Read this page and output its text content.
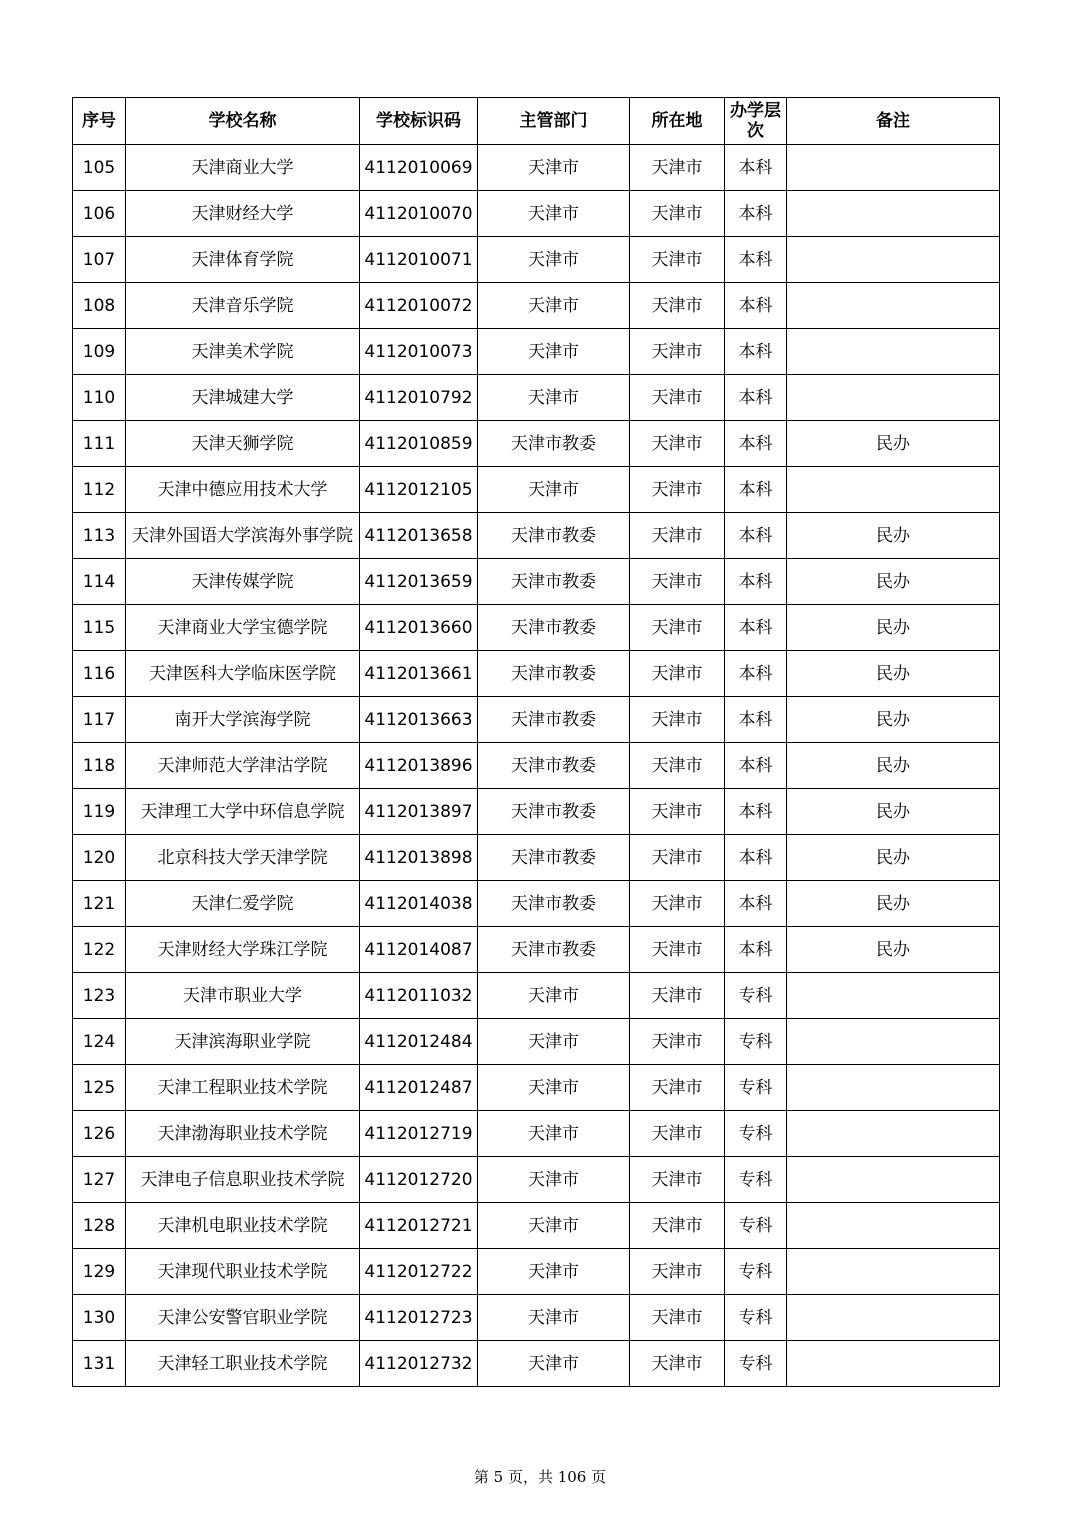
序号	学校名称	学校标识码	主管部门	所在地	办学层次	备注
105	天津商业大学	4112010069	天津市	天津市	本科	
106	天津财经大学	4112010070	天津市	天津市	本科	
107	天津体育学院	4112010071	天津市	天津市	本科	
108	天津音乐学院	4112010072	天津市	天津市	本科	
109	天津美术学院	4112010073	天津市	天津市	本科	
110	天津城建大学	4112010792	天津市	天津市	本科	
111	天津天狮学院	4112010859	天津市教委	天津市	本科	民办
112	天津中德应用技术大学	4112012105	天津市	天津市	本科	
113	天津外国语大学滨海外事学院	4112013658	天津市教委	天津市	本科	民办
114	天津传媒学院	4112013659	天津市教委	天津市	本科	民办
115	天津商业大学宝德学院	4112013660	天津市教委	天津市	本科	民办
116	天津医科大学临床医学院	4112013661	天津市教委	天津市	本科	民办
117	南开大学滨海学院	4112013663	天津市教委	天津市	本科	民办
118	天津师范大学津沽学院	4112013896	天津市教委	天津市	本科	民办
119	天津理工大学中环信息学院	4112013897	天津市教委	天津市	本科	民办
120	北京科技大学天津学院	4112013898	天津市教委	天津市	本科	民办
121	天津仁爱学院	4112014038	天津市教委	天津市	本科	民办
122	天津财经大学珠江学院	4112014087	天津市教委	天津市	本科	民办
123	天津市职业大学	4112011032	天津市	天津市	专科	
124	天津滨海职业学院	4112012484	天津市	天津市	专科	
125	天津工程职业技术学院	4112012487	天津市	天津市	专科	
126	天津渤海职业技术学院	4112012719	天津市	天津市	专科	
127	天津电子信息职业技术学院	4112012720	天津市	天津市	专科	
128	天津机电职业技术学院	4112012721	天津市	天津市	专科	
129	天津现代职业技术学院	4112012722	天津市	天津市	专科	
130	天津公安警官职业学院	4112012723	天津市	天津市	专科	
131	天津轻工职业技术学院	4112012732	天津市	天津市	专科	
第 5 页，共 106 页
